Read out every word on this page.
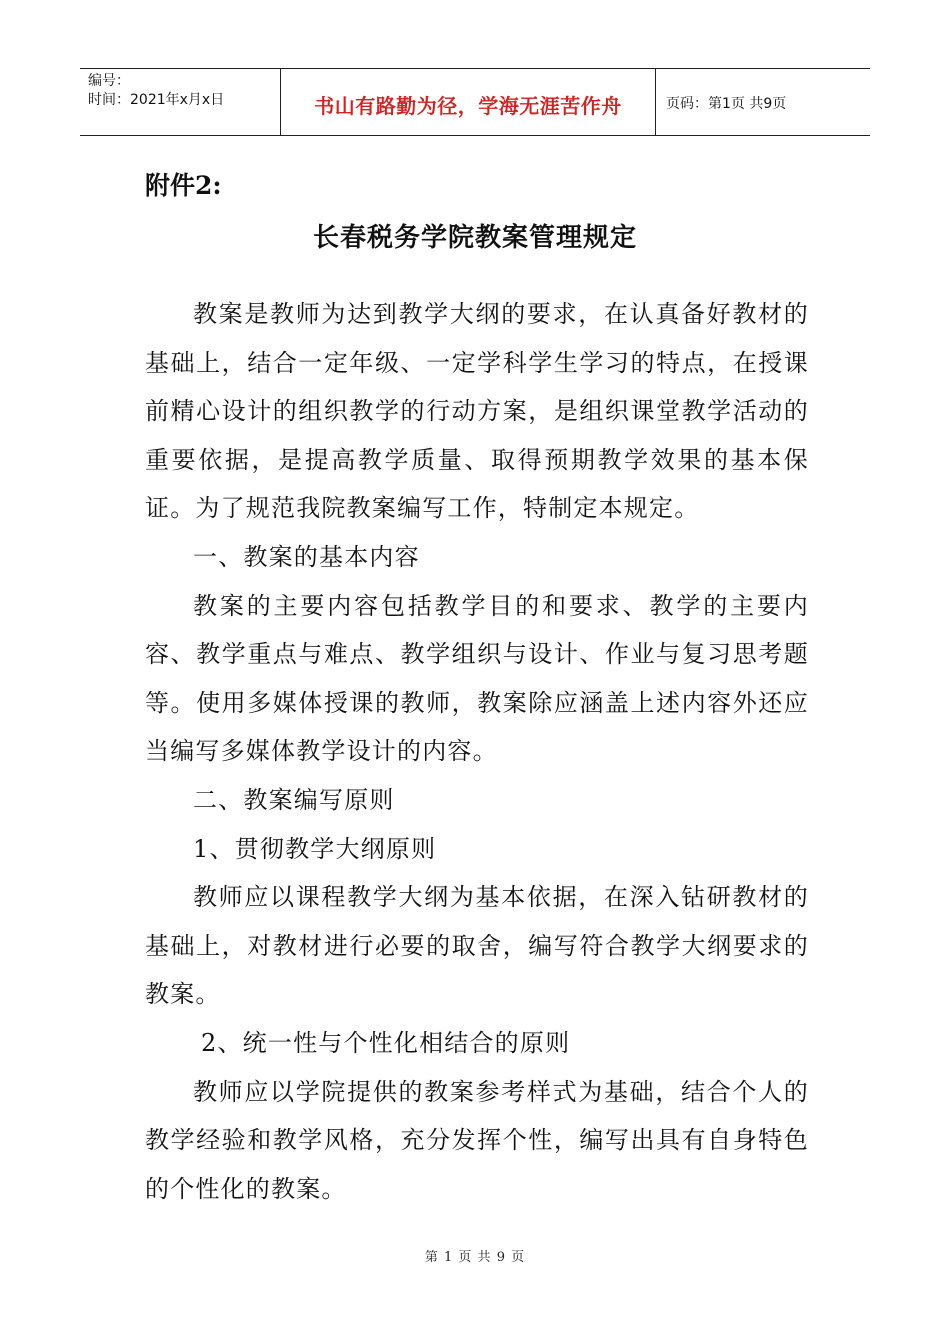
编号：
时间：2021年x月x日	书山有路勤为径，学海无涯苦作舟	页码：第1页 共9页
附件2:
长春税务学院教案管理规定

教案是教师为达到教学大纲的要求，在认真备好教材的基础上，结合一定年级、一定学科学生学习的特点，在授课前精心设计的组织教学的行动方案，是组织课堂教学活动的重要依据，是提高教学质量、取得预期教学效果的基本保证。为了规范我院教案编写工作，特制定本规定。

一、教案的基本内容

教案的主要内容包括教学目的和要求、教学的主要内容、教学重点与难点、教学组织与设计、作业与复习思考题等。使用多媒体授课的教师，教案除应涵盖上述内容外还应当编写多媒体教学设计的内容。

二、教案编写原则

1、贯彻教学大纲原则

教师应以课程教学大纲为基本依据，在深入钻研教材的基础上，对教材进行必要的取舍，编写符合教学大纲要求的教案。

2、统一性与个性化相结合的原则

教师应以学院提供的教案参考样式为基础，结合个人的教学经验和教学风格，充分发挥个性，编写出具有自身特色的个性化的教案。

第 1 页 共 9 页
